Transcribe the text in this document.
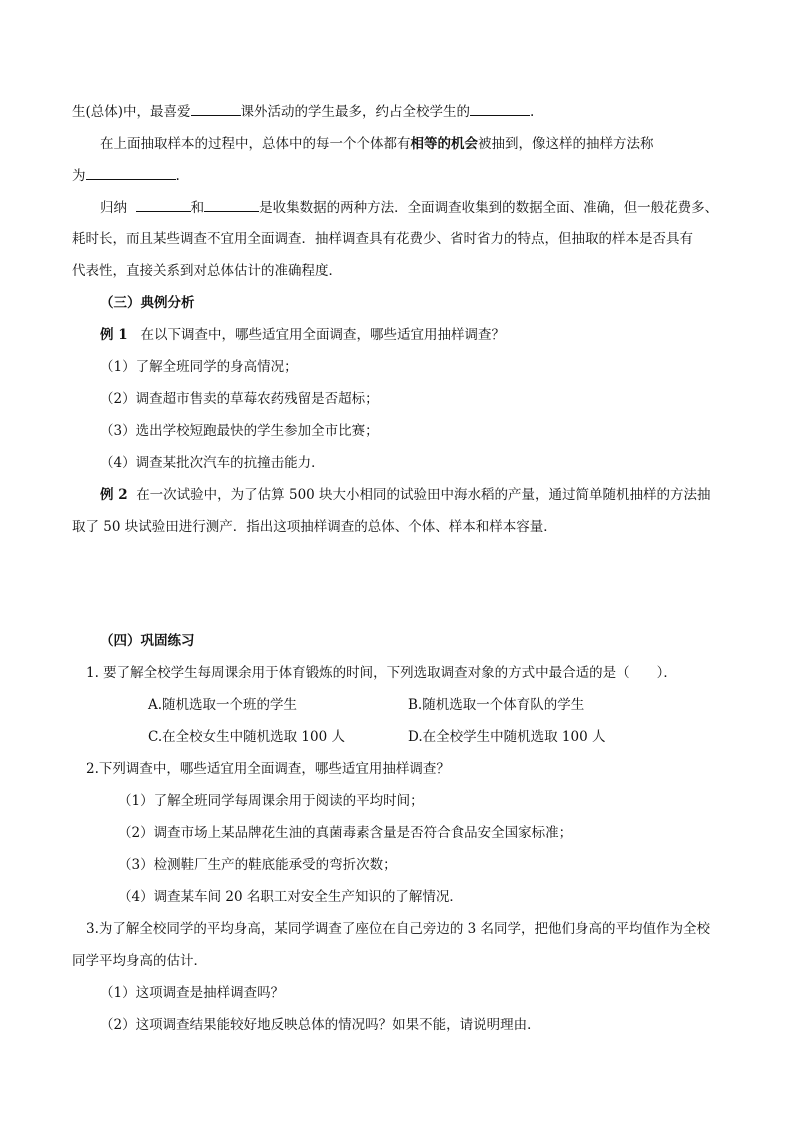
生(总体)中，最喜爱	课外活动的学生最多，约占全校学生的	.
在上面抽取样本的过程中，总体中的每一个个体都有相等的机会被抽到，像这样的抽样方法称
为	.
归纳	和	是收集数据的两种方法．全面调查收集到的数据全面、准确，但一般花费多、
耗时长，而且某些调查不宜用全面调查．抽样调查具有花费少、省时省力的特点，但抽取的样本是否具有
代表性，直接关系到对总体估计的准确程度．
（三）典例分析
例 1 在以下调查中，哪些适宜用全面调查，哪些适宜用抽样调查？
（1）了解全班同学的身高情况；
（2）调查超市售卖的草莓农药残留是否超标；
（3）选出学校短跑最快的学生参加全市比赛；
（4）调查某批次汽车的抗撞击能力．
例 2 在一次试验中，为了估算 500 块大小相同的试验田中海水稻的产量，通过简单随机抽样的方法抽
取了 50 块试验田进行测产．指出这项抽样调查的总体、个体、样本和样本容量．
（四）巩固练习
1. 要了解全校学生每周课余用于体育锻炼的时间，下列选取调查对象的方式中最合适的是（　　）．
A.随机选取一个班的学生	B.随机选取一个体育队的学生
C.在全校女生中随机选取 100 人	D.在全校学生中随机选取 100 人
2.下列调查中，哪些适宜用全面调查，哪些适宜用抽样调查？
（1）了解全班同学每周课余用于阅读的平均时间；
（2）调查市场上某品牌花生油的真菌毒素含量是否符合食品安全国家标准；
（3）检测鞋厂生产的鞋底能承受的弯折次数；
（4）调查某车间 20 名职工对安全生产知识的了解情况．
3.为了解全校同学的平均身高，某同学调查了座位在自己旁边的 3 名同学，把他们身高的平均值作为全校
同学平均身高的估计．
（1）这项调查是抽样调查吗？
（2）这项调查结果能较好地反映总体的情况吗？如果不能，请说明理由．
